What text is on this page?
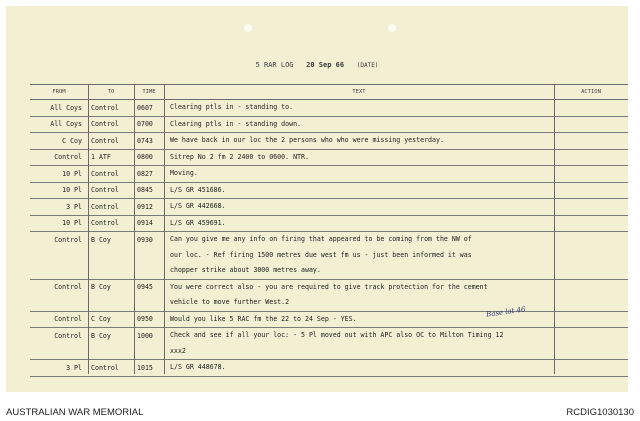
5 RAR LOG 20 Sep 66 (DATE)
FROM	TO	TIME	TEXT	ACTION
All Coys	Control	0607	Clearing ptls in - standing to.
All Coys	Control	0700	Clearing ptls in - standing down.
C Coy	Control	0743	We have back in our loc the 2 persons who who were missing yesterday.
Control	1 ATF	0800	Sitrep No 2 fm 2 2400 to 0600. NTR.
10 Pl	Control	0827	Moving.
10 Pl	Control	0845	L/S GR 451686.
3 Pl	Control	0912	L/S GR 442668.
10 Pl	Control	0914	L/S GR 459691.
Control	B Coy	0930	Can you give me any info on firing that appeared to be coming from the NW of
our loc. - Ref firing 1500 metres due west fm us - just been informed it was
chopper strike about 3000 metres away.
Control	B Coy	0945	You were correct also - you are required to give track protection for the cement
vehicle to move further West.2
Control	C Coy	0950	Would you like 5 RAC fm the 22 to 24 Sep - YES.
Control	B Coy	1000	Check and see if all your loc: - 5 Pl moved out with APC also OC to Milton Timing 12
xxx2
3 Pl	Control	1015	L/S GR 448678.
Base lat 46
AUSTRALIAN WAR MEMORIAL	RCDIG1030130
